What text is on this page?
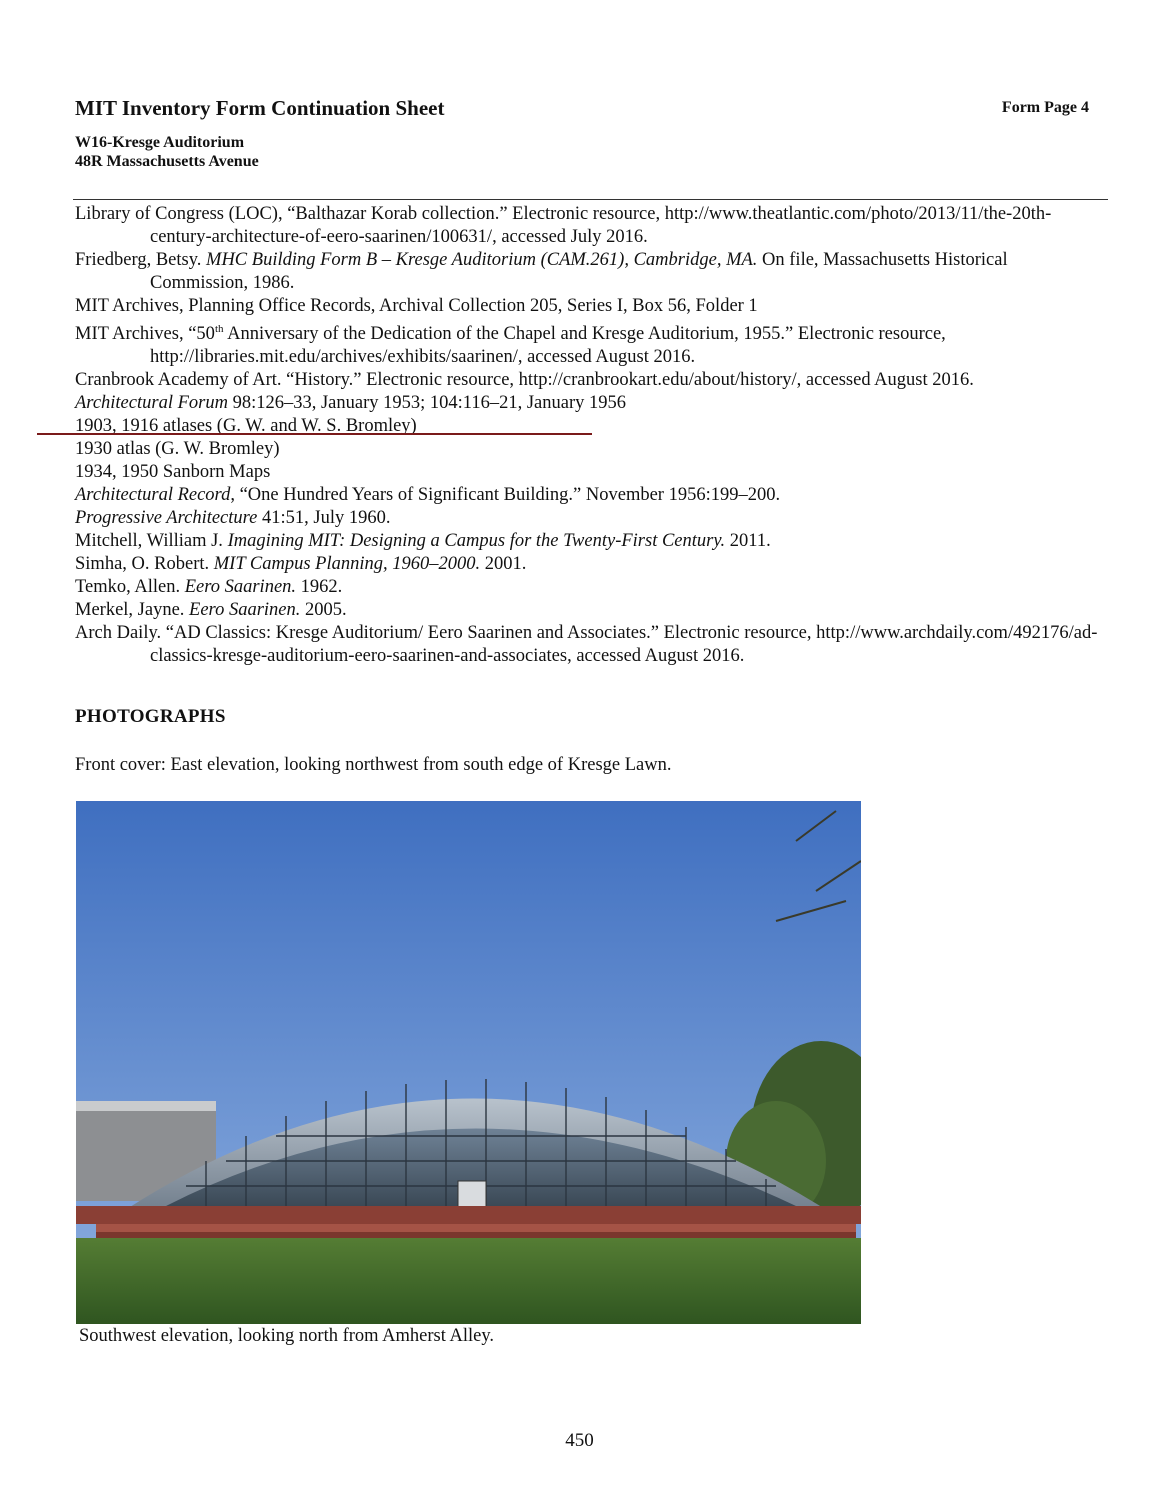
MIT Inventory Form Continuation Sheet	Form Page 4
W16-Kresge Auditorium
48R Massachusetts Avenue

Library of Congress (LOC), “Balthazar Korab collection.” Electronic resource, http://www.theatlantic.com/photo/2013/11/the-20th-century-architecture-of-eero-saarinen/100631/, accessed July 2016.

Friedberg, Betsy. MHC Building Form B – Kresge Auditorium (CAM.261), Cambridge, MA. On file, Massachusetts Historical Commission, 1986.

MIT Archives, Planning Office Records, Archival Collection 205, Series I, Box 56, Folder 1

MIT Archives, “50th Anniversary of the Dedication of the Chapel and Kresge Auditorium, 1955.” Electronic resource, http://libraries.mit.edu/archives/exhibits/saarinen/, accessed August 2016.

Cranbrook Academy of Art. “History.” Electronic resource, http://cranbrookart.edu/about/history/, accessed August 2016.

Architectural Forum 98:126–33, January 1953; 104:116–21, January 1956

1903, 1916 atlases (G. W. and W. S. Bromley)

1930 atlas (G. W. Bromley)

1934, 1950 Sanborn Maps

Architectural Record, “One Hundred Years of Significant Building.” November 1956:199–200.

Progressive Architecture 41:51, July 1960.

Mitchell, William J. Imagining MIT: Designing a Campus for the Twenty-First Century. 2011.

Simha, O. Robert. MIT Campus Planning, 1960–2000. 2001.

Temko, Allen. Eero Saarinen. 1962.

Merkel, Jayne. Eero Saarinen. 2005.

Arch Daily. “AD Classics: Kresge Auditorium/ Eero Saarinen and Associates.” Electronic resource, http://www.archdaily.com/492176/ad-classics-kresge-auditorium-eero-saarinen-and-associates, accessed August 2016.

PHOTOGRAPHS
Front cover: East elevation, looking northwest from south edge of Kresge Lawn.
Southwest elevation, looking north from Amherst Alley.
450
